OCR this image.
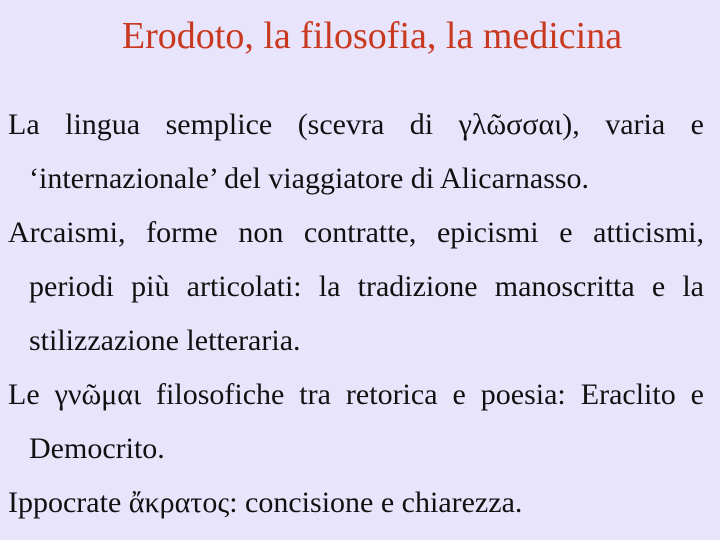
Erodoto, la filosofia, la medicina

La lingua semplice (scevra di γλῶσσαι), varia e ‘internazionale’ del viaggiatore di Alicarnasso.

Arcaismi, forme non contratte, epicismi e atticismi, periodi più articolati: la tradizione manoscritta e la stilizzazione letteraria.

Le γνῶμαι filosofiche tra retorica e poesia: Eraclito e Democrito.

Ippocrate ἄκρατος: concisione e chiarezza.
